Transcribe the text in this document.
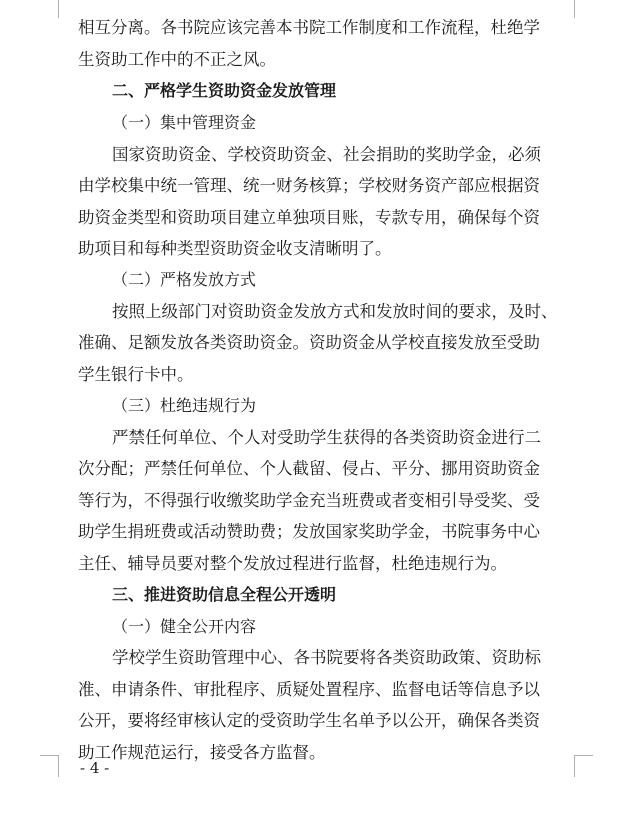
相互分离。各书院应该完善本书院工作制度和工作流程，杜绝学

生资助工作中的不正之风。

二、严格学生资助资金发放管理

（一）集中管理资金

国家资助资金、学校资助资金、社会捐助的奖助学金，必须

由学校集中统一管理、统一财务核算；学校财务资产部应根据资

助资金类型和资助项目建立单独项目账，专款专用，确保每个资

助项目和每种类型资助资金收支清晰明了。

（二）严格发放方式

按照上级部门对资助资金发放方式和发放时间的要求，及时、

准确、足额发放各类资助资金。资助资金从学校直接发放至受助

学生银行卡中。

（三）杜绝违规行为

严禁任何单位、个人对受助学生获得的各类资助资金进行二

次分配；严禁任何单位、个人截留、侵占、平分、挪用资助资金

等行为，不得强行收缴奖助学金充当班费或者变相引导受奖、受

助学生捐班费或活动赞助费；发放国家奖助学金，书院事务中心

主任、辅导员要对整个发放过程进行监督，杜绝违规行为。

三、推进资助信息全程公开透明

（一）健全公开内容

学校学生资助管理中心、各书院要将各类资助政策、资助标

准、申请条件、审批程序、质疑处置程序、监督电话等信息予以

公开，要将经审核认定的受资助学生名单予以公开，确保各类资

助工作规范运行，接受各方监督。

- 4 -
